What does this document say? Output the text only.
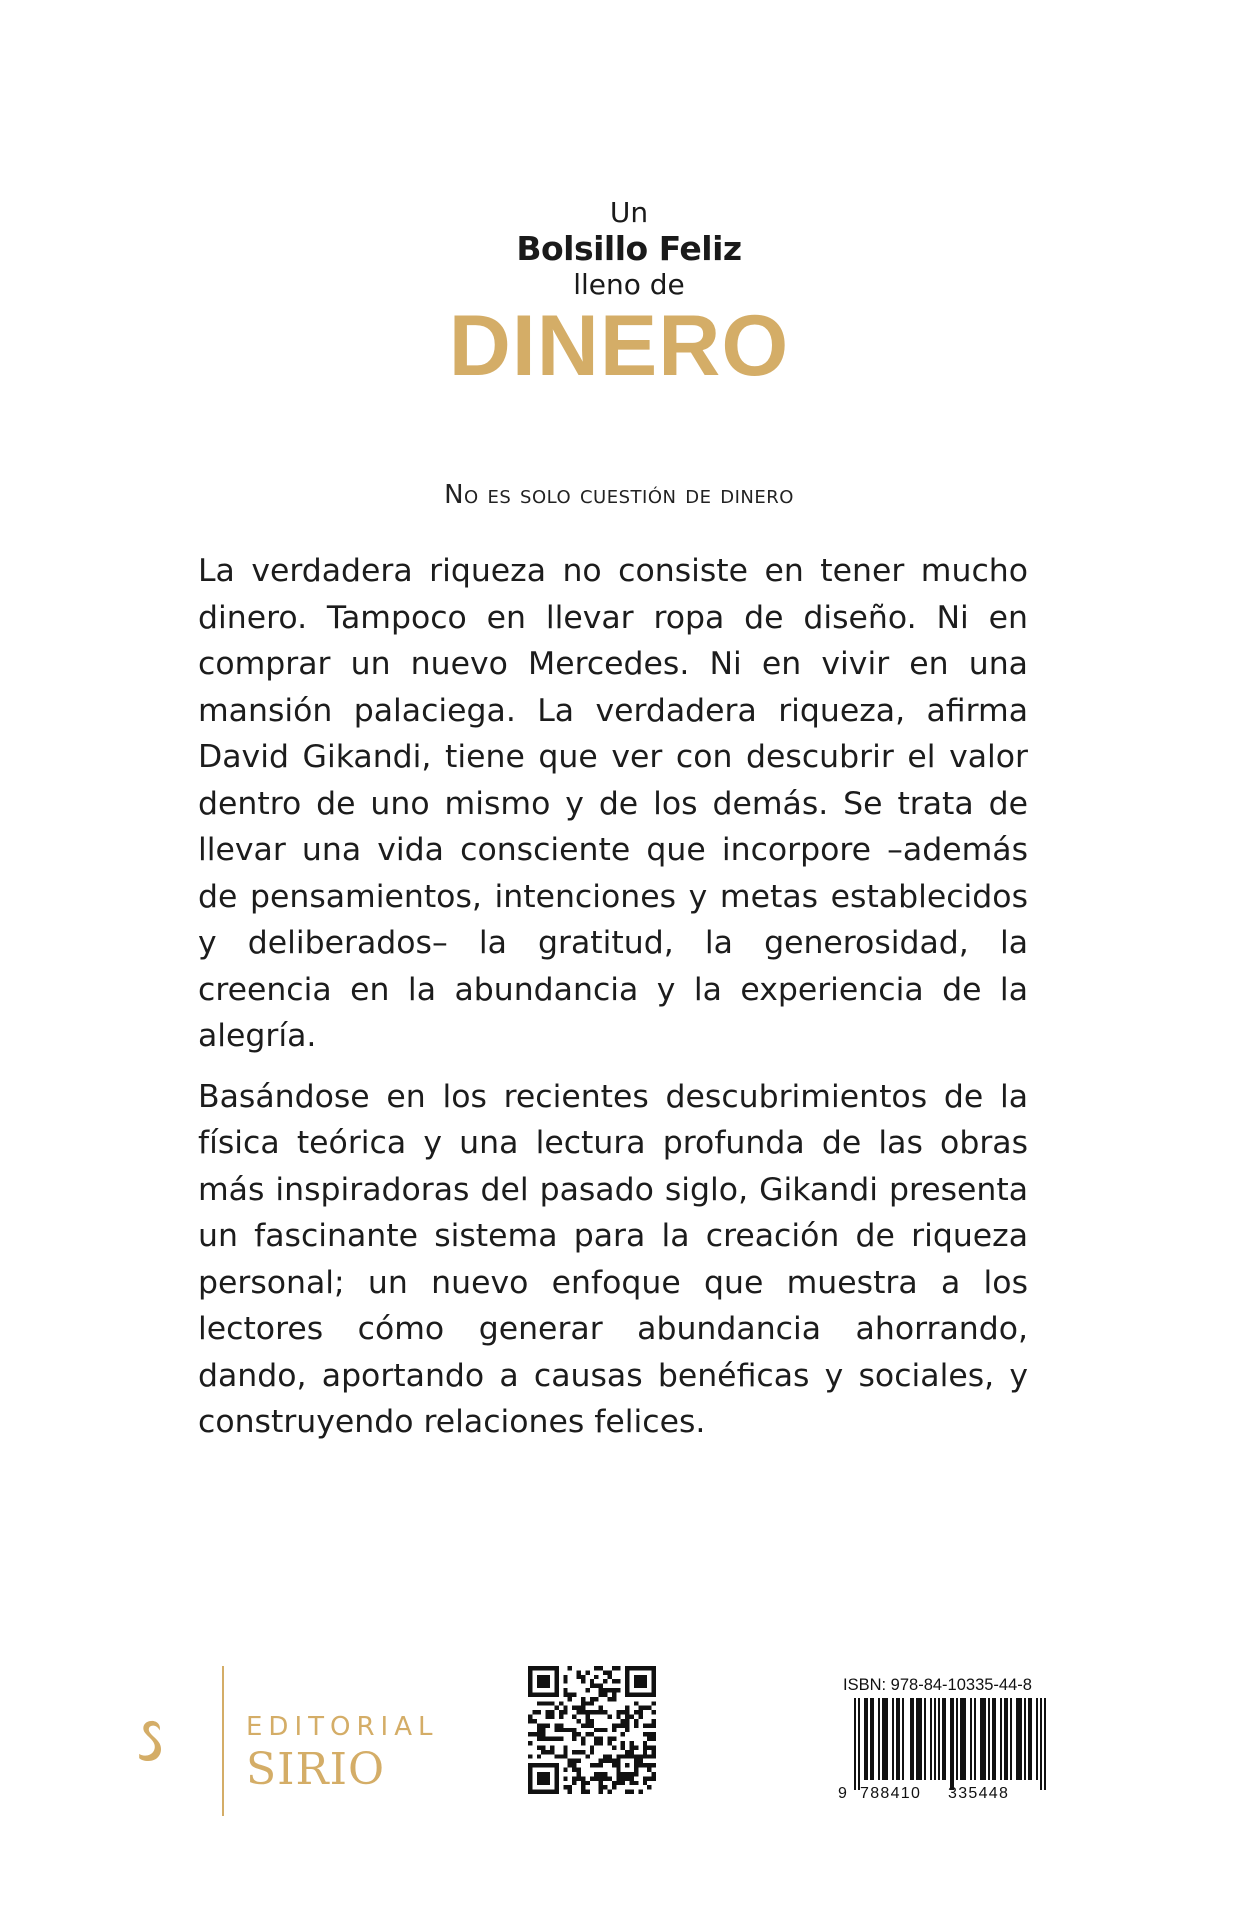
Un
Bolsillo Feliz
lleno de
DINERO
No es solo cuestión de dinero

La verdadera riqueza no consiste en tener mucho dinero. Tampoco en llevar ropa de diseño. Ni en comprar un nuevo Mercedes. Ni en vivir en una mansión palaciega. La verdadera riqueza, afirma David Gikandi, tiene que ver con descubrir el valor dentro de uno mismo y de los demás. Se trata de llevar una vida consciente que incorpore –además de pensamientos, intenciones y metas establecidos y deliberados– la gratitud, la generosidad, la creencia en la abundancia y la experiencia de la alegría.

Basándose en los recientes descubrimientos de la física teórica y una lectura profunda de las obras más inspiradoras del pasado siglo, Gikandi presenta un fascinante sistema para la creación de riqueza personal; un nuevo enfoque que muestra a los lectores cómo generar abundancia ahorrando, dando, aportando a causas benéficas y sociales, y construyendo relaciones felices.

EDITORIAL
SIRIO
ISBN: 978-84-10335-44-8
9 788410 335448
